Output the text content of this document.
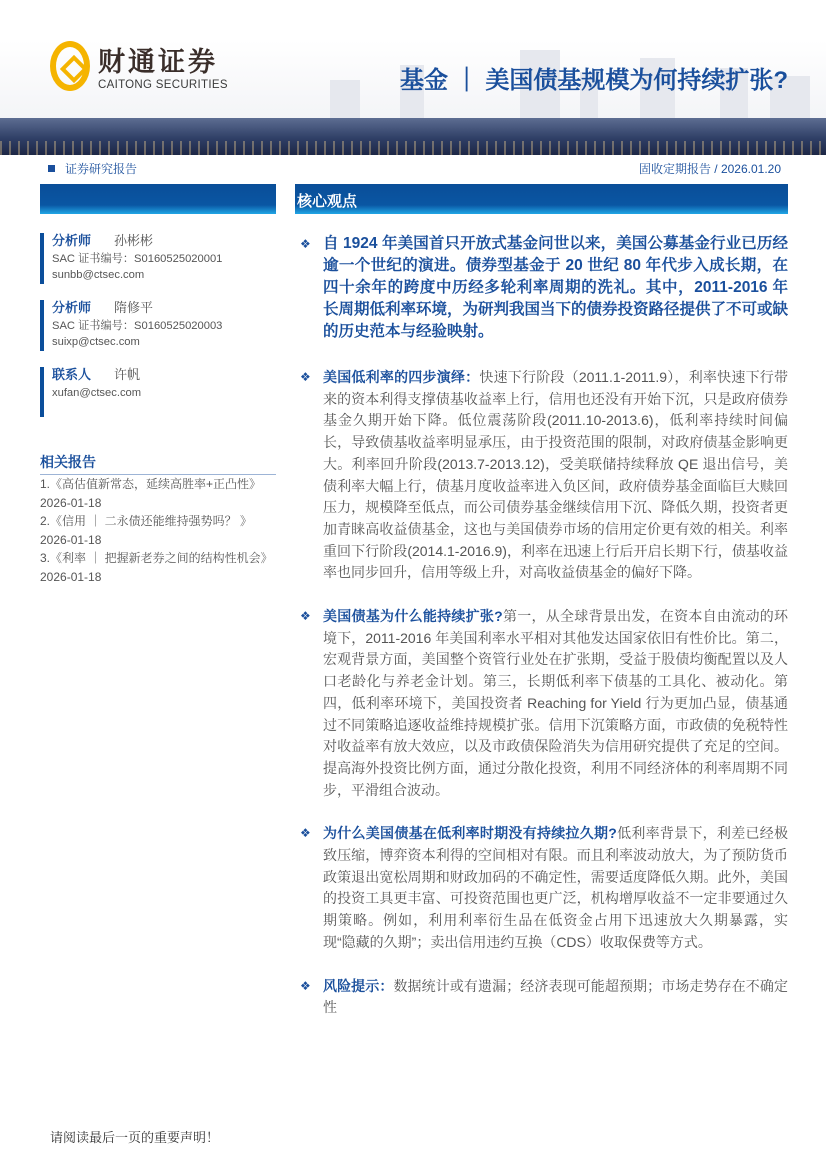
财通证券
CAITONG SECURITIES	基金 ｜ 美国债基规模为何持续扩张?
证券研究报告	固收定期报告 / 2026.01.20
核心观点
分析师 孙彬彬
SAC 证书编号：S0160525020001
sunbb@ctsec.com
分析师 隋修平
SAC 证书编号：S0160525020003
suixp@ctsec.com
联系人 许帆
xufan@ctsec.com
相关报告
1.《高估值新常态，延续高胜率+正凸性》
2026-01-18
2.《信用 ｜ 二永债还能维持强势吗？ 》
2026-01-18
3.《利率 ｜ 把握新老券之间的结构性机会》
2026-01-18
❖ 自 1924 年美国首只开放式基金问世以来，美国公募基金行业已历经逾一个世纪的演进。债券型基金于 20 世纪 80 年代步入成长期，在四十余年的跨度中历经多轮利率周期的洗礼。其中，2011-2016 年长周期低利率环境，为研判我国当下的债券投资路径提供了不可或缺的历史范本与经验映射。
❖ 美国低利率的四步演绎：快速下行阶段（2011.1-2011.9），利率快速下行带来的资本利得支撑债基收益率上行，信用也还没有开始下沉，只是政府债券基金久期开始下降。低位震荡阶段(2011.10-2013.6)，低利率持续时间偏长，导致债基收益率明显承压，由于投资范围的限制，对政府债基金影响更大。利率回升阶段(2013.7-2013.12)，受美联储持续释放 QE 退出信号，美债利率大幅上行，债基月度收益率进入负区间，政府债券基金面临巨大赎回压力，规模降至低点，而公司债券基金继续信用下沉、降低久期，投资者更加青睐高收益债基金，这也与美国债券市场的信用定价更有效的相关。利率重回下行阶段(2014.1-2016.9)，利率在迅速上行后开启长期下行，债基收益率也同步回升，信用等级上升，对高收益债基金的偏好下降。
❖ 美国债基为什么能持续扩张?第一，从全球背景出发，在资本自由流动的环境下，2011-2016 年美国利率水平相对其他发达国家依旧有性价比。第二，宏观背景方面，美国整个资管行业处在扩张期，受益于股债均衡配置以及人口老龄化与养老金计划。第三，长期低利率下债基的工具化、被动化。第四，低利率环境下，美国投资者 Reaching for Yield 行为更加凸显，债基通过不同策略追逐收益维持规模扩张。信用下沉策略方面，市政债的免税特性对收益率有放大效应，以及市政债保险消失为信用研究提供了充足的空间。提高海外投资比例方面，通过分散化投资，利用不同经济体的利率周期不同步，平滑组合波动。
❖ 为什么美国债基在低利率时期没有持续拉久期?低利率背景下，利差已经极致压缩，博弈资本利得的空间相对有限。而且利率波动放大，为了预防货币政策退出宽松周期和财政加码的不确定性，需要适度降低久期。此外，美国的投资工具更丰富、可投资范围也更广泛，机构增厚收益不一定非要通过久期策略。例如，利用利率衍生品在低资金占用下迅速放大久期暴露，实现“隐藏的久期”；卖出信用违约互换（CDS）收取保费等方式。
❖ 风险提示：数据统计或有遗漏；经济表现可能超预期；市场走势存在不确定性
请阅读最后一页的重要声明！
